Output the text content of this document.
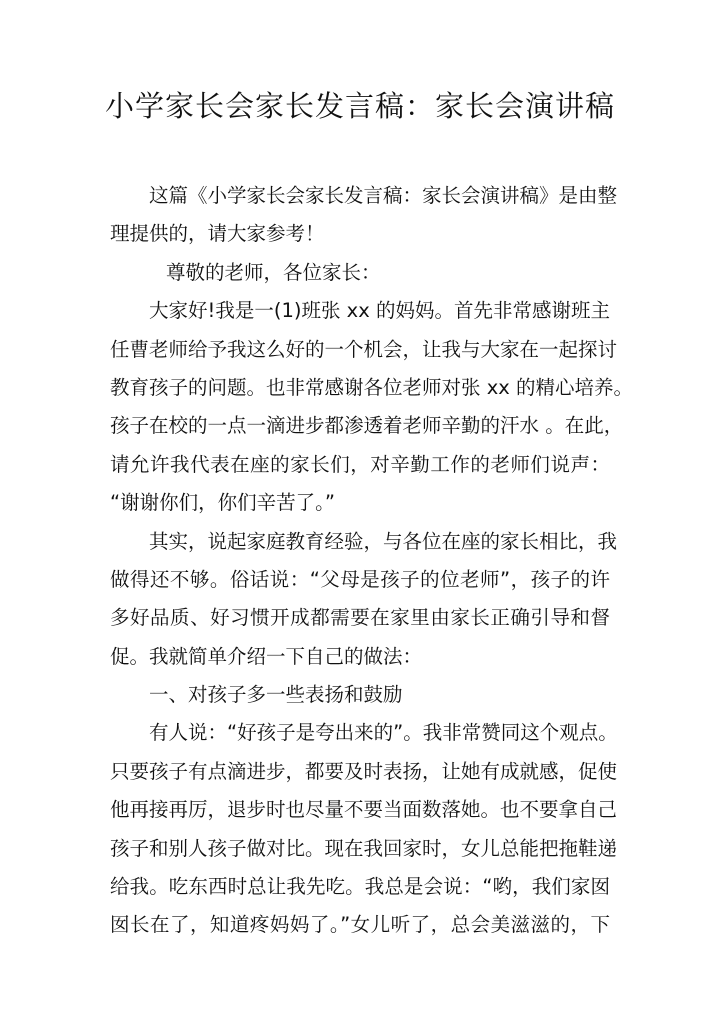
小学家长会家长发言稿：家长会演讲稿
这篇《小学家长会家长发言稿：家长会演讲稿》是由整
理提供的，请大家参考！
尊敬的老师，各位家长：
大家好!我是一(1)班张 xx 的妈妈。首先非常感谢班主
任曹老师给予我这么好的一个机会，让我与大家在一起探讨
教育孩子的问题。也非常感谢各位老师对张 xx 的精心培养。
孩子在校的一点一滴进步都渗透着老师辛勤的汗水 。在此，
请允许我代表在座的家长们，对辛勤工作的老师们说声：
“谢谢你们，你们辛苦了。”
其实，说起家庭教育经验，与各位在座的家长相比，我
做得还不够。俗话说：“父母是孩子的位老师”，孩子的许
多好品质、好习惯开成都需要在家里由家长正确引导和督
促。我就简单介绍一下自己的做法：
一、对孩子多一些表扬和鼓励
有人说：“好孩子是夸出来的”。我非常赞同这个观点。
只要孩子有点滴进步，都要及时表扬，让她有成就感，促使
他再接再厉，退步时也尽量不要当面数落她。也不要拿自己
孩子和别人孩子做对比。现在我回家时，女儿总能把拖鞋递
给我。吃东西时总让我先吃。我总是会说：“哟，我们家囡
囡长在了，知道疼妈妈了。”女儿听了，总会美滋滋的，下
